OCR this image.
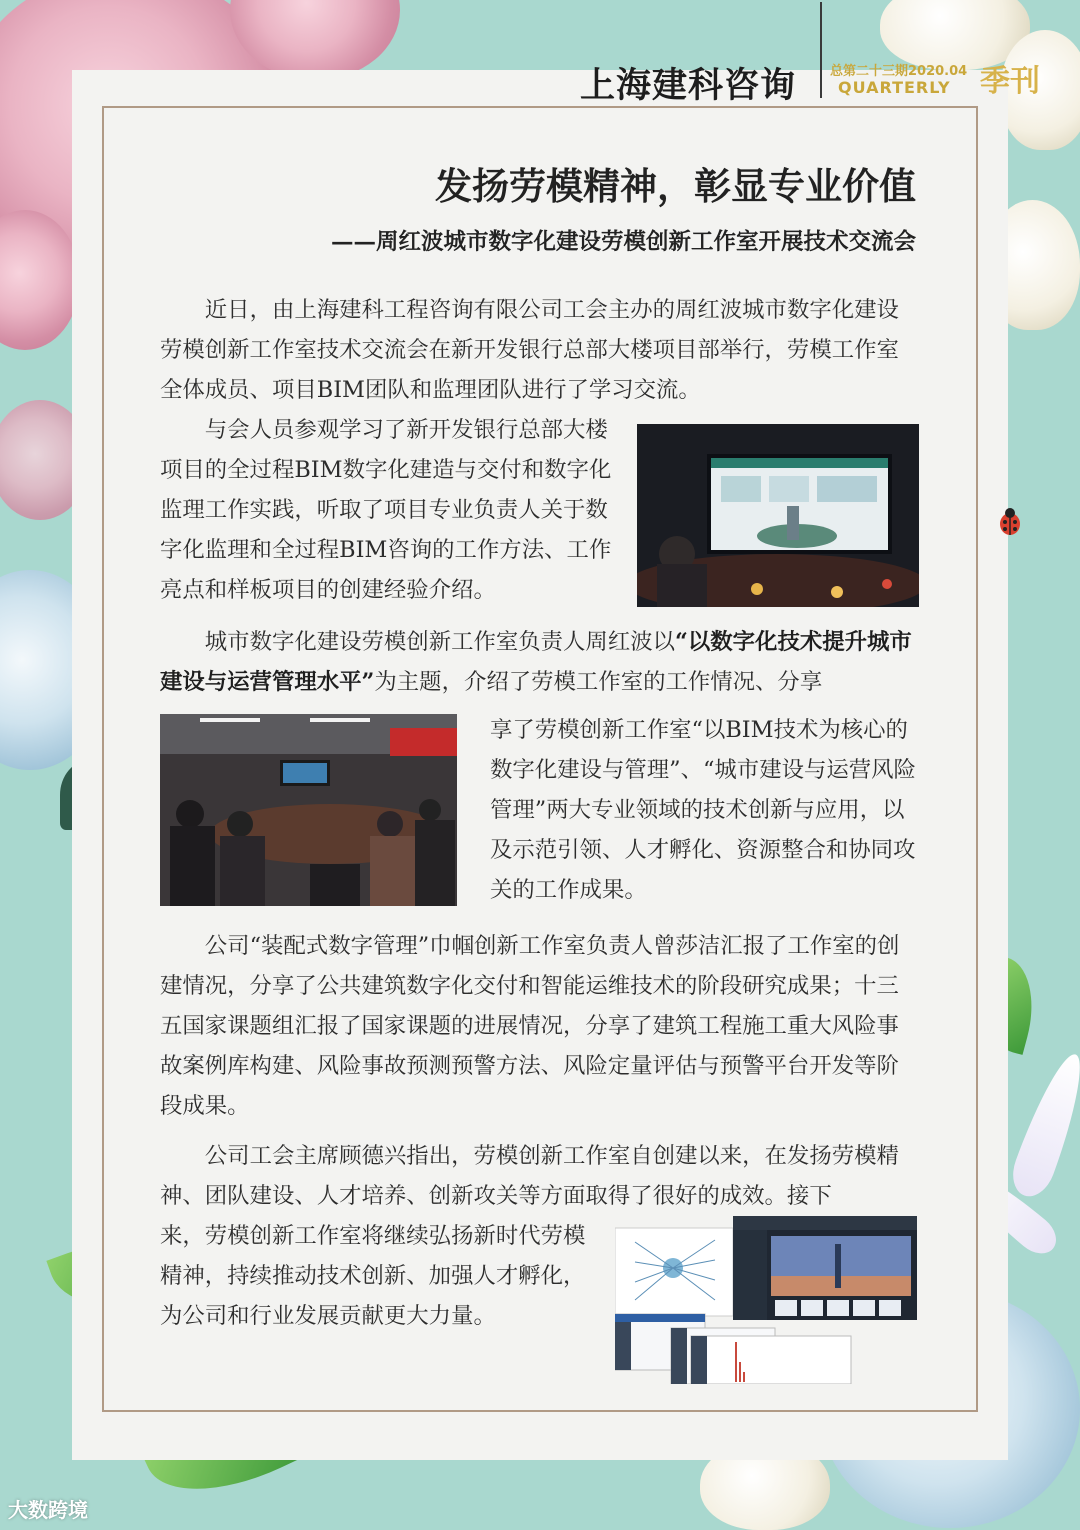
上海建科咨询	总第二十三期2020.04
QUARTERLY 季刊
发扬劳模精神，彰显专业价值
——周红波城市数字化建设劳模创新工作室开展技术交流会
近日，由上海建科工程咨询有限公司工会主办的周红波城市数字化建设劳模创新工作室技术交流会在新开发银行总部大楼项目部举行，劳模工作室全体成员、项目BIM团队和监理团队进行了学习交流。
与会人员参观学习了新开发银行总部大楼项目的全过程BIM数字化建造与交付和数字化监理工作实践，听取了项目专业负责人关于数字化监理和全过程BIM咨询的工作方法、工作亮点和样板项目的创建经验介绍。
城市数字化建设劳模创新工作室负责人周红波以“以数字化技术提升城市建设与运营管理水平”为主题，介绍了劳模工作室的工作情况、分享
享了劳模创新工作室“以BIM技术为核心的数字化建设与管理”、“城市建设与运营风险管理”两大专业领域的技术创新与应用，以及示范引领、人才孵化、资源整合和协同攻关的工作成果。
公司“装配式数字管理”巾帼创新工作室负责人曾莎洁汇报了工作室的创建情况，分享了公共建筑数字化交付和智能运维技术的阶段研究成果；十三五国家课题组汇报了国家课题的进展情况，分享了建筑工程施工重大风险事故案例库构建、风险事故预测预警方法、风险定量评估与预警平台开发等阶段成果。
公司工会主席顾德兴指出，劳模创新工作室自创建以来，在发扬劳模精神、团队建设、人才培养、创新攻关等方面取得了很好的成效。接下
来，劳模创新工作室将继续弘扬新时代劳模精神，持续推动技术创新、加强人才孵化，为公司和行业发展贡献更大力量。
大数跨境
